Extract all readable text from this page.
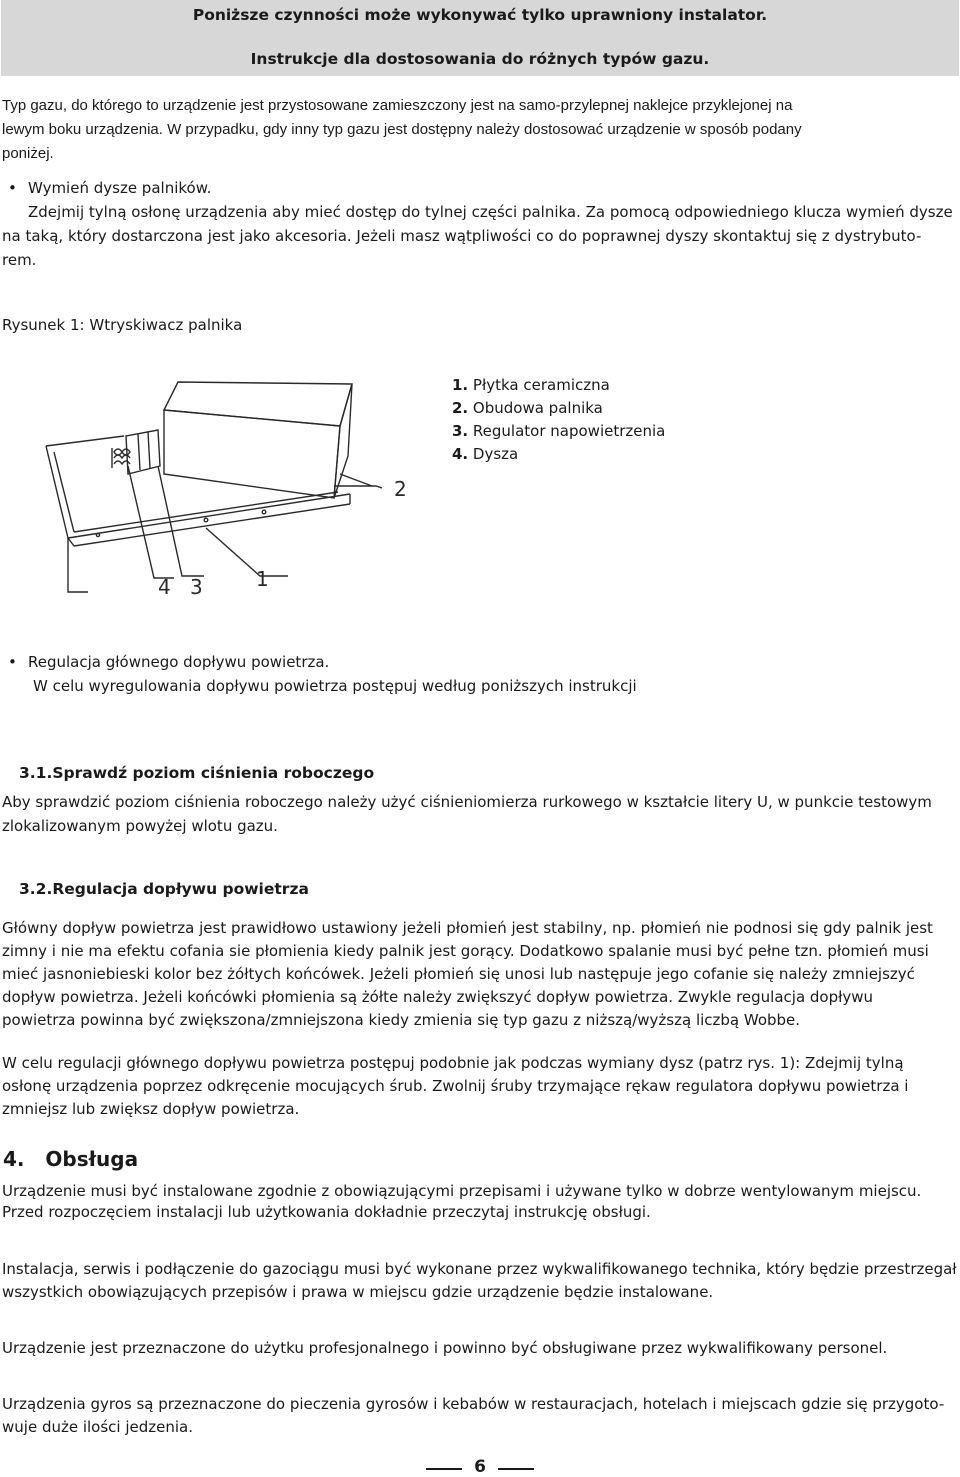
Poniższe czynności może wykonywać tylko uprawniony instalator.
Instrukcje dla dostosowania do różnych typów gazu.
Typ gazu, do którego to urządzenie jest przystosowane zamieszczony jest na samo-przylepnej naklejce przyklejonej na
lewym boku urządzenia. W przypadku, gdy inny typ gazu jest dostępny należy dostosować urządzenie w sposób podany
poniżej.
• Wymień dysze palników.
Zdejmij tylną osłonę urządzenia aby mieć dostęp do tylnej części palnika. Za pomocą odpowiedniego klucza wymień dysze
na taką, który dostarczona jest jako akcesoria. Jeżeli masz wątpliwości co do poprawnej dyszy skontaktuj się z dystrybuto-
rem.
Rysunek 1: Wtryskiwacz palnika
4 3	1
2
1. Płytka ceramiczna
2. Obudowa palnika
3. Regulator napowietrzenia
4. Dysza
• Regulacja głównego dopływu powietrza.
W celu wyregulowania dopływu powietrza postępuj według poniższych instrukcji
3.1.Sprawdź poziom ciśnienia roboczego
Aby sprawdzić poziom ciśnienia roboczego należy użyć ciśnieniomierza rurkowego w kształcie litery U, w punkcie testowym
zlokalizowanym powyżej wlotu gazu.
3.2.Regulacja dopływu powietrza
Główny dopływ powietrza jest prawidłowo ustawiony jeżeli płomień jest stabilny, np. płomień nie podnosi się gdy palnik jest
zimny i nie ma efektu cofania sie płomienia kiedy palnik jest gorący. Dodatkowo spalanie musi być pełne tzn. płomień musi
mieć jasnoniebieski kolor bez żółtych końcówek. Jeżeli płomień się unosi lub następuje jego cofanie się należy zmniejszyć
dopływ powietrza. Jeżeli końcówki płomienia są żółte należy zwiększyć dopływ powietrza. Zwykle regulacja dopływu
powietrza powinna być zwiększona/zmniejszona kiedy zmienia się typ gazu z niższą/wyższą liczbą Wobbe.
W celu regulacji głównego dopływu powietrza postępuj podobnie jak podczas wymiany dysz (patrz rys. 1): Zdejmij tylną
osłonę urządzenia poprzez odkręcenie mocujących śrub. Zwolnij śruby trzymające rękaw regulatora dopływu powietrza i
zmniejsz lub zwiększ dopływ powietrza.
4.   Obsługa
Urządzenie musi być instalowane zgodnie z obowiązującymi przepisami i używane tylko w dobrze wentylowanym miejscu.
Przed rozpoczęciem instalacji lub użytkowania dokładnie przeczytaj instrukcję obsługi.
Instalacja, serwis i podłączenie do gazociągu musi być wykonane przez wykwalifikowanego technika, który będzie przestrzegał
wszystkich obowiązujących przepisów i prawa w miejscu gdzie urządzenie będzie instalowane.
Urządzenie jest przeznaczone do użytku profesjonalnego i powinno być obsługiwane przez wykwalifikowany personel.
Urządzenia gyros są przeznaczone do pieczenia gyrosów i kebabów w restauracjach, hotelach i miejscach gdzie się przygoto-
wuje duże ilości jedzenia.
6
